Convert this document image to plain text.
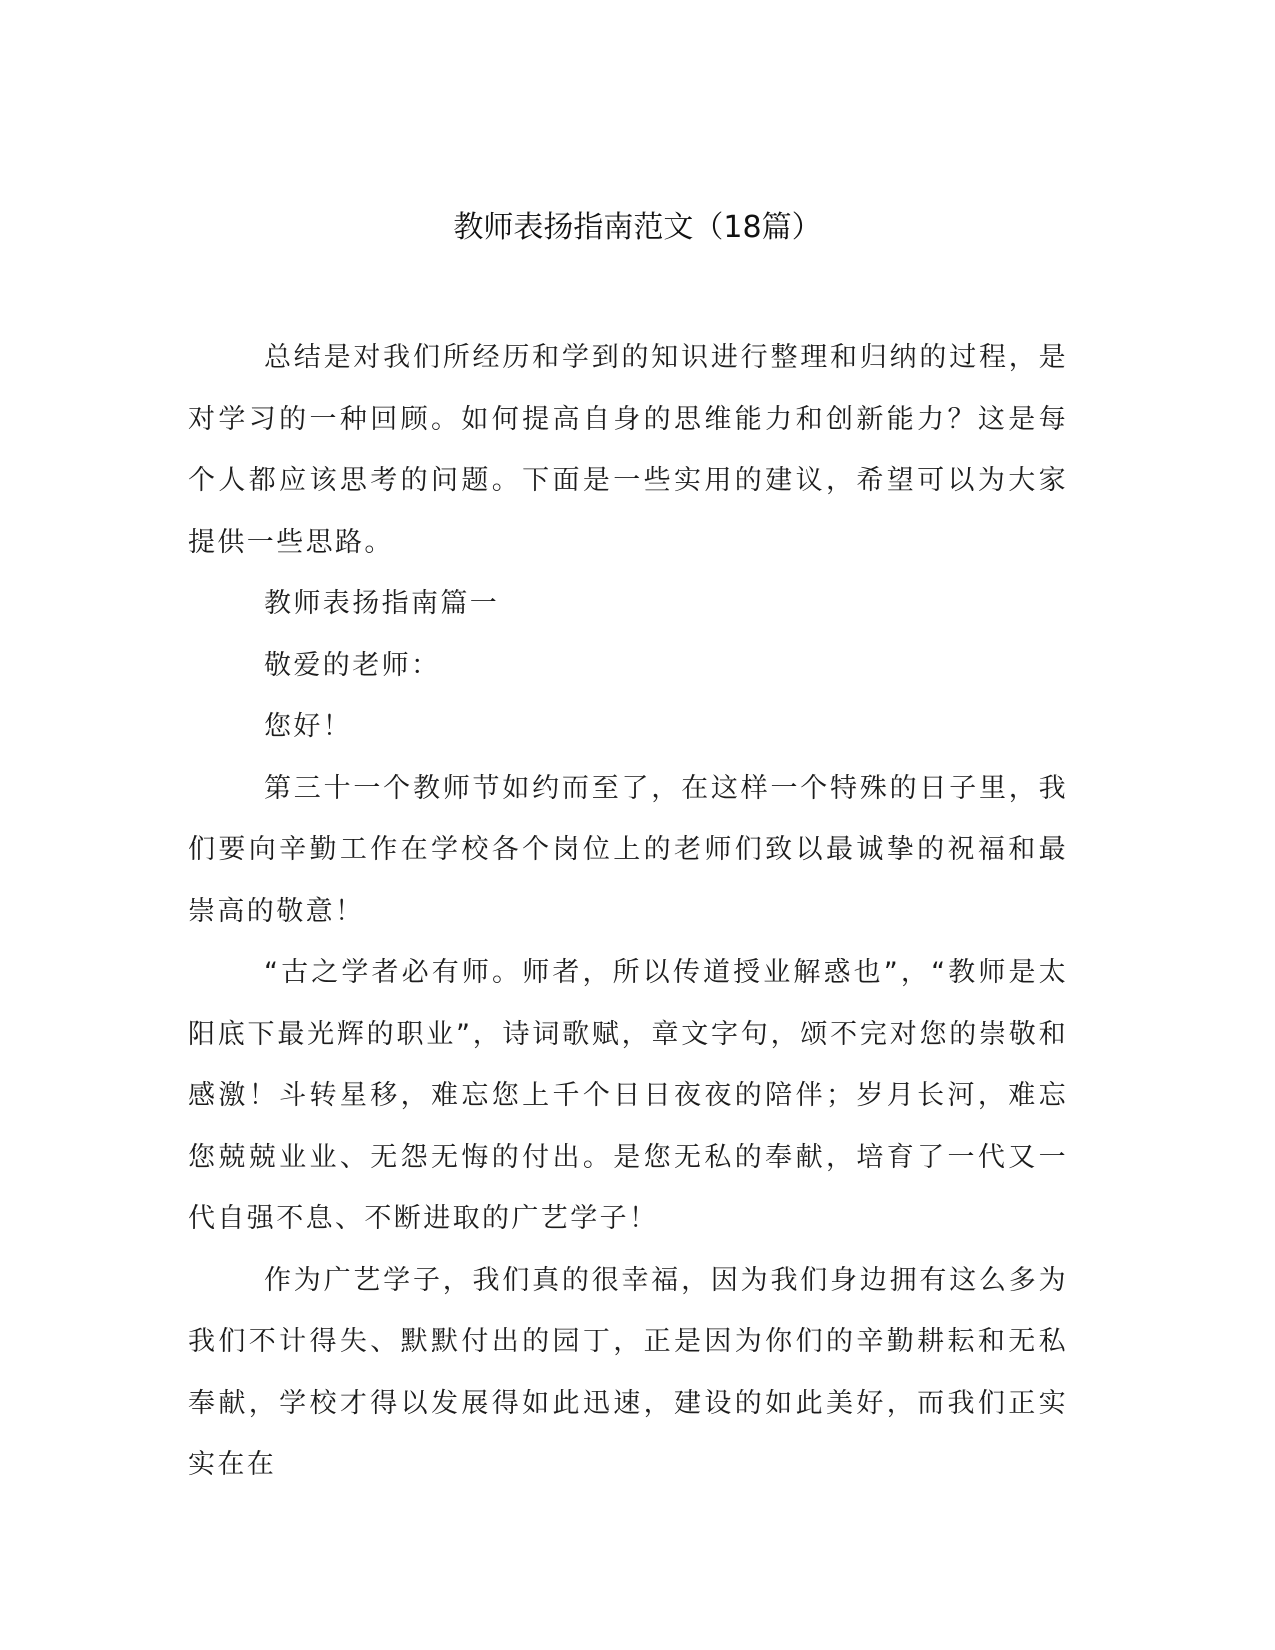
教师表扬指南范文（18篇）

总结是对我们所经历和学到的知识进行整理和归纳的过程，是对学习的一种回顾。如何提高自身的思维能力和创新能力？这是每个人都应该思考的问题。下面是一些实用的建议，希望可以为大家提供一些思路。

教师表扬指南篇一

敬爱的老师：

您好！

第三十一个教师节如约而至了，在这样一个特殊的日子里，我们要向辛勤工作在学校各个岗位上的老师们致以最诚挚的祝福和最崇高的敬意！

“古之学者必有师。师者，所以传道授业解惑也”，“教师是太阳底下最光辉的职业”，诗词歌赋，章文字句，颂不完对您的崇敬和感激！斗转星移，难忘您上千个日日夜夜的陪伴；岁月长河，难忘您兢兢业业、无怨无悔的付出。是您无私的奉献，培育了一代又一代自强不息、不断进取的广艺学子！

作为广艺学子，我们真的很幸福，因为我们身边拥有这么多为我们不计得失、默默付出的园丁，正是因为你们的辛勤耕耘和无私奉献，学校才得以发展得如此迅速，建设的如此美好，而我们正实实在在
